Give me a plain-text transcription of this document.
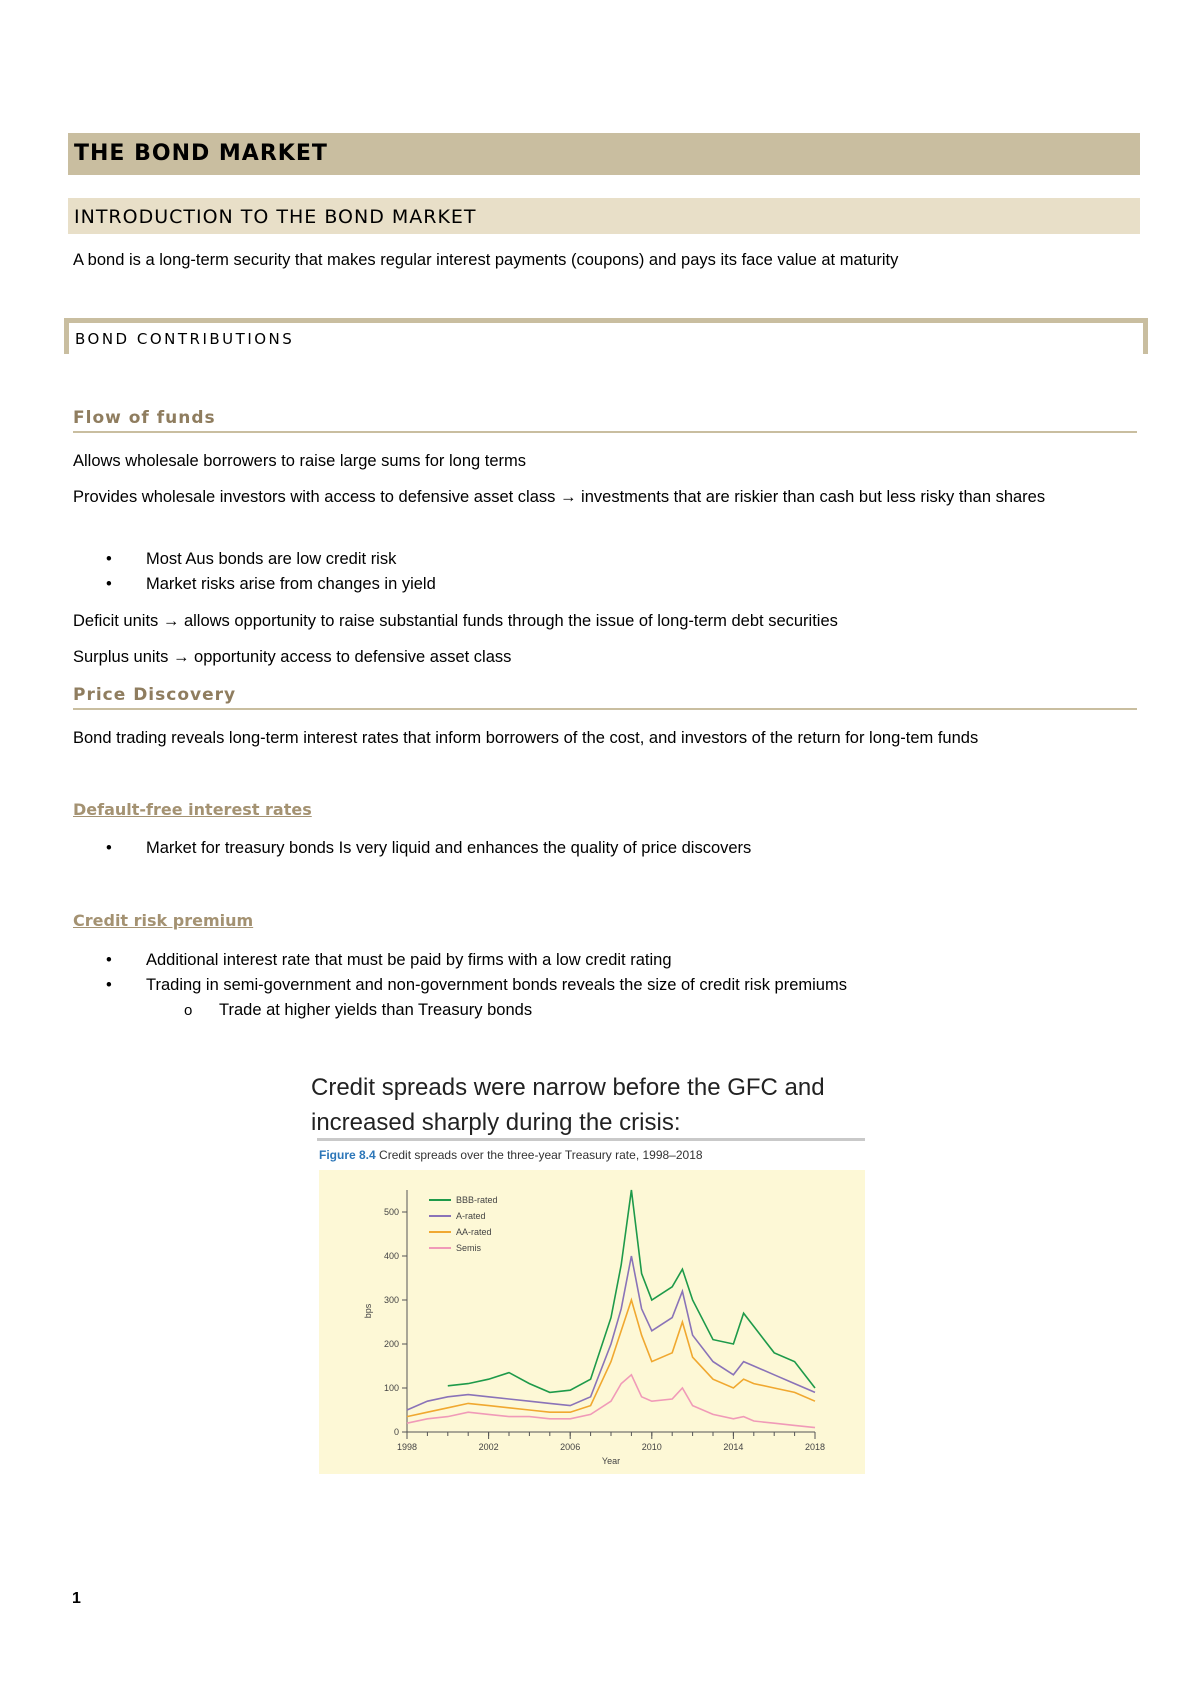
THE BOND MARKET
INTRODUCTION TO THE BOND MARKET
A bond is a long-term security that makes regular interest payments (coupons) and pays its face value at maturity
BOND CONTRIBUTIONS
Flow of funds
Allows wholesale borrowers to raise large sums for long terms
Provides wholesale investors with access to defensive asset class → investments that are riskier than cash but less risky than shares
• Most Aus bonds are low credit risk
• Market risks arise from changes in yield
Deficit units → allows opportunity to raise substantial funds through the issue of long-term debt securities
Surplus units → opportunity access to defensive asset class
Price Discovery
Bond trading reveals long-term interest rates that inform borrowers of the cost, and investors of the return for long-tem funds
Default-free interest rates
• Market for treasury bonds Is very liquid and enhances the quality of price discovers
Credit risk premium
• Additional interest rate that must be paid by firms with a low credit rating
• Trading in semi-government and non-government bonds reveals the size of credit risk premiums
o Trade at higher yields than Treasury bonds
Credit spreads were narrow before the GFC and
increased sharply during the crisis:
Figure 8.4 Credit spreads over the three-year Treasury rate, 1998–2018
0
100
200
300
400
500
1998	2002	2006	2010	2014	2018
Year
bps
BBB-rated
A-rated
AA-rated
Semis
1
